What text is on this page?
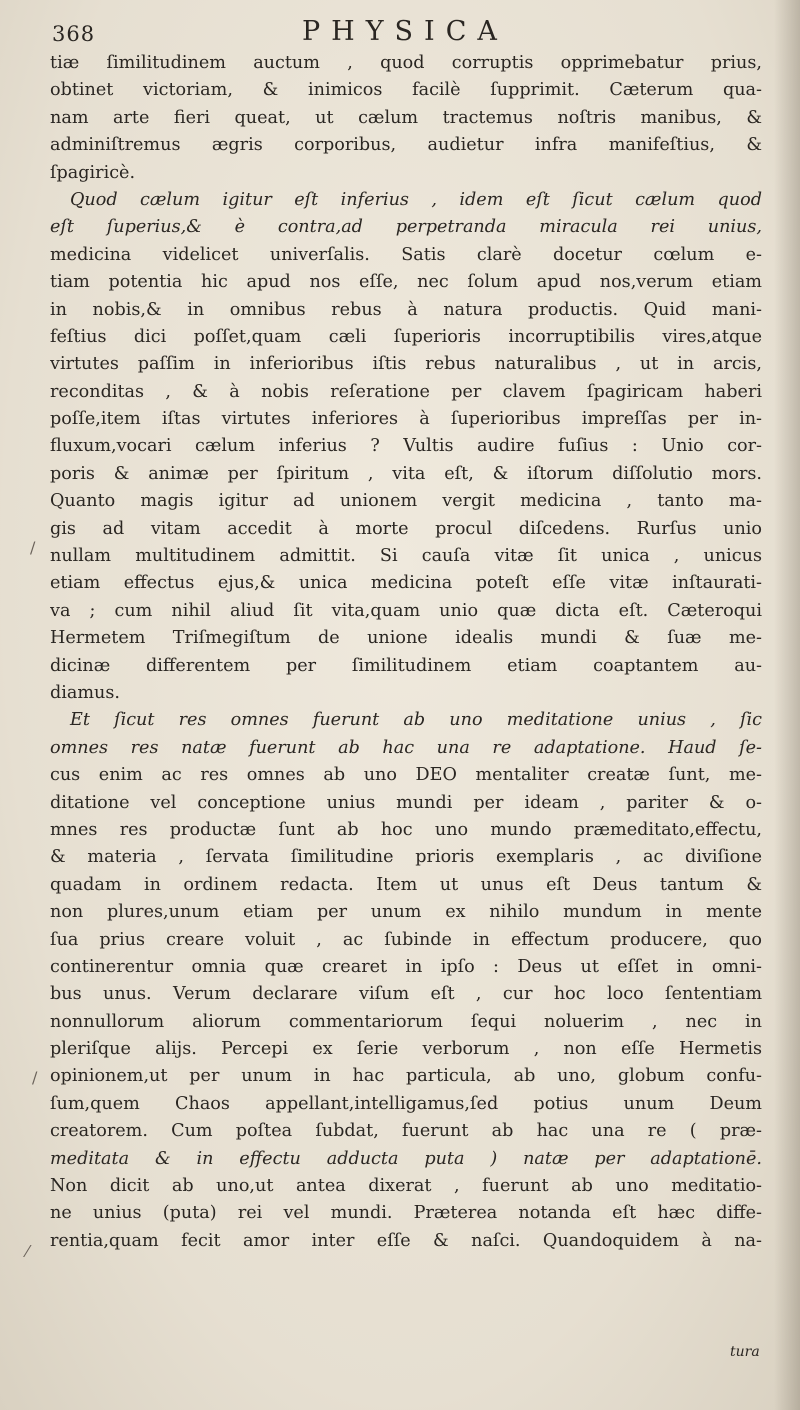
368	PHYSICA
tiæ ſimilitudinem auctum , quod corruptis opprimebatur prius,
obtinet victoriam, & inimicos facilè ſupprimit. Cæterum qua-
nam arte fieri queat, ut cælum tractemus noſtris manibus, &
adminiſtremus ægris corporibus, audietur infra manifeſtius, &
ſpagiricè.
Quod cælum igitur eſt inferius , idem eſt ſicut cælum quod
eſt ſuperius,& è contra,ad perpetranda miracula rei unius,
medicina videlicet univerſalis. Satis clarè docetur cœlum e-
tiam potentia hic apud nos eſſe, nec ſolum apud nos,verum etiam
in nobis,& in omnibus rebus à natura productis. Quid mani-
feſtius dici poſſet,quam cæli ſuperioris incorruptibilis vires,atque
virtutes paſſim in inferioribus iſtis rebus naturalibus , ut in arcis,
reconditas , & à nobis reſeratione per clavem ſpagiricam haberi
poſſe,item iſtas virtutes inferiores à ſuperioribus impreſſas per in-
fluxum,vocari cælum inferius ? Vultis audire fuſius : Unio cor-
poris & animæ per ſpiritum , vita eſt, & iſtorum diſſolutio mors.
Quanto magis igitur ad unionem vergit medicina , tanto ma-
gis ad vitam accedit à morte procul diſcedens. Rurſus unio
nullam multitudinem admittit. Si cauſa vitæ ſit unica , unicus
etiam effectus ejus,& unica medicina poteſt eſſe vitæ inſtaurati-
va ; cum nihil aliud ſit vita,quam unio quæ dicta eſt. Cæteroqui
Hermetem Triſmegiſtum de unione idealis mundi & ſuæ me-
dicinæ differentem per ſimilitudinem etiam coaptantem au-
diamus.
Et ſicut res omnes fuerunt ab uno meditatione unius , ſic
omnes res natæ fuerunt ab hac una re adaptatione. Haud ſe-
cus enim ac res omnes ab uno DEO mentaliter creatæ ſunt, me-
ditatione vel conceptione unius mundi per ideam , pariter & o-
mnes res productæ ſunt ab hoc uno mundo præmeditato,effectu,
& materia , ſervata ſimilitudine prioris exemplaris , ac diviſione
quadam in ordinem redacta. Item ut unus eſt Deus tantum &
non plures,unum etiam per unum ex nihilo mundum in mente
ſua prius creare voluit , ac ſubinde in effectum producere, quo
continerentur omnia quæ crearet in ipſo : Deus ut eſſet in omni-
bus unus. Verum declarare viſum eſt , cur hoc loco ſententiam
nonnullorum aliorum commentariorum ſequi noluerim , nec in
pleriſque alijs. Percepi ex ſerie verborum , non eſſe Hermetis
opinionem,ut per unum in hac particula, ab uno, globum confu-
ſum,quem Chaos appellant,intelligamus,ſed potius unum Deum
creatorem. Cum poſtea ſubdat, fuerunt ab hac una re ( præ-
meditata & in effectu adducta puta ) natæ per adaptationē.
Non dicit ab uno,ut antea dixerat , fuerunt ab uno meditatio-
ne unius (puta) rei vel mundi. Præterea notanda eſt hæc diffe-
rentia,quam fecit amor inter eſſe & naſci. Quandoquidem à na-
tura
/
/
⁄
